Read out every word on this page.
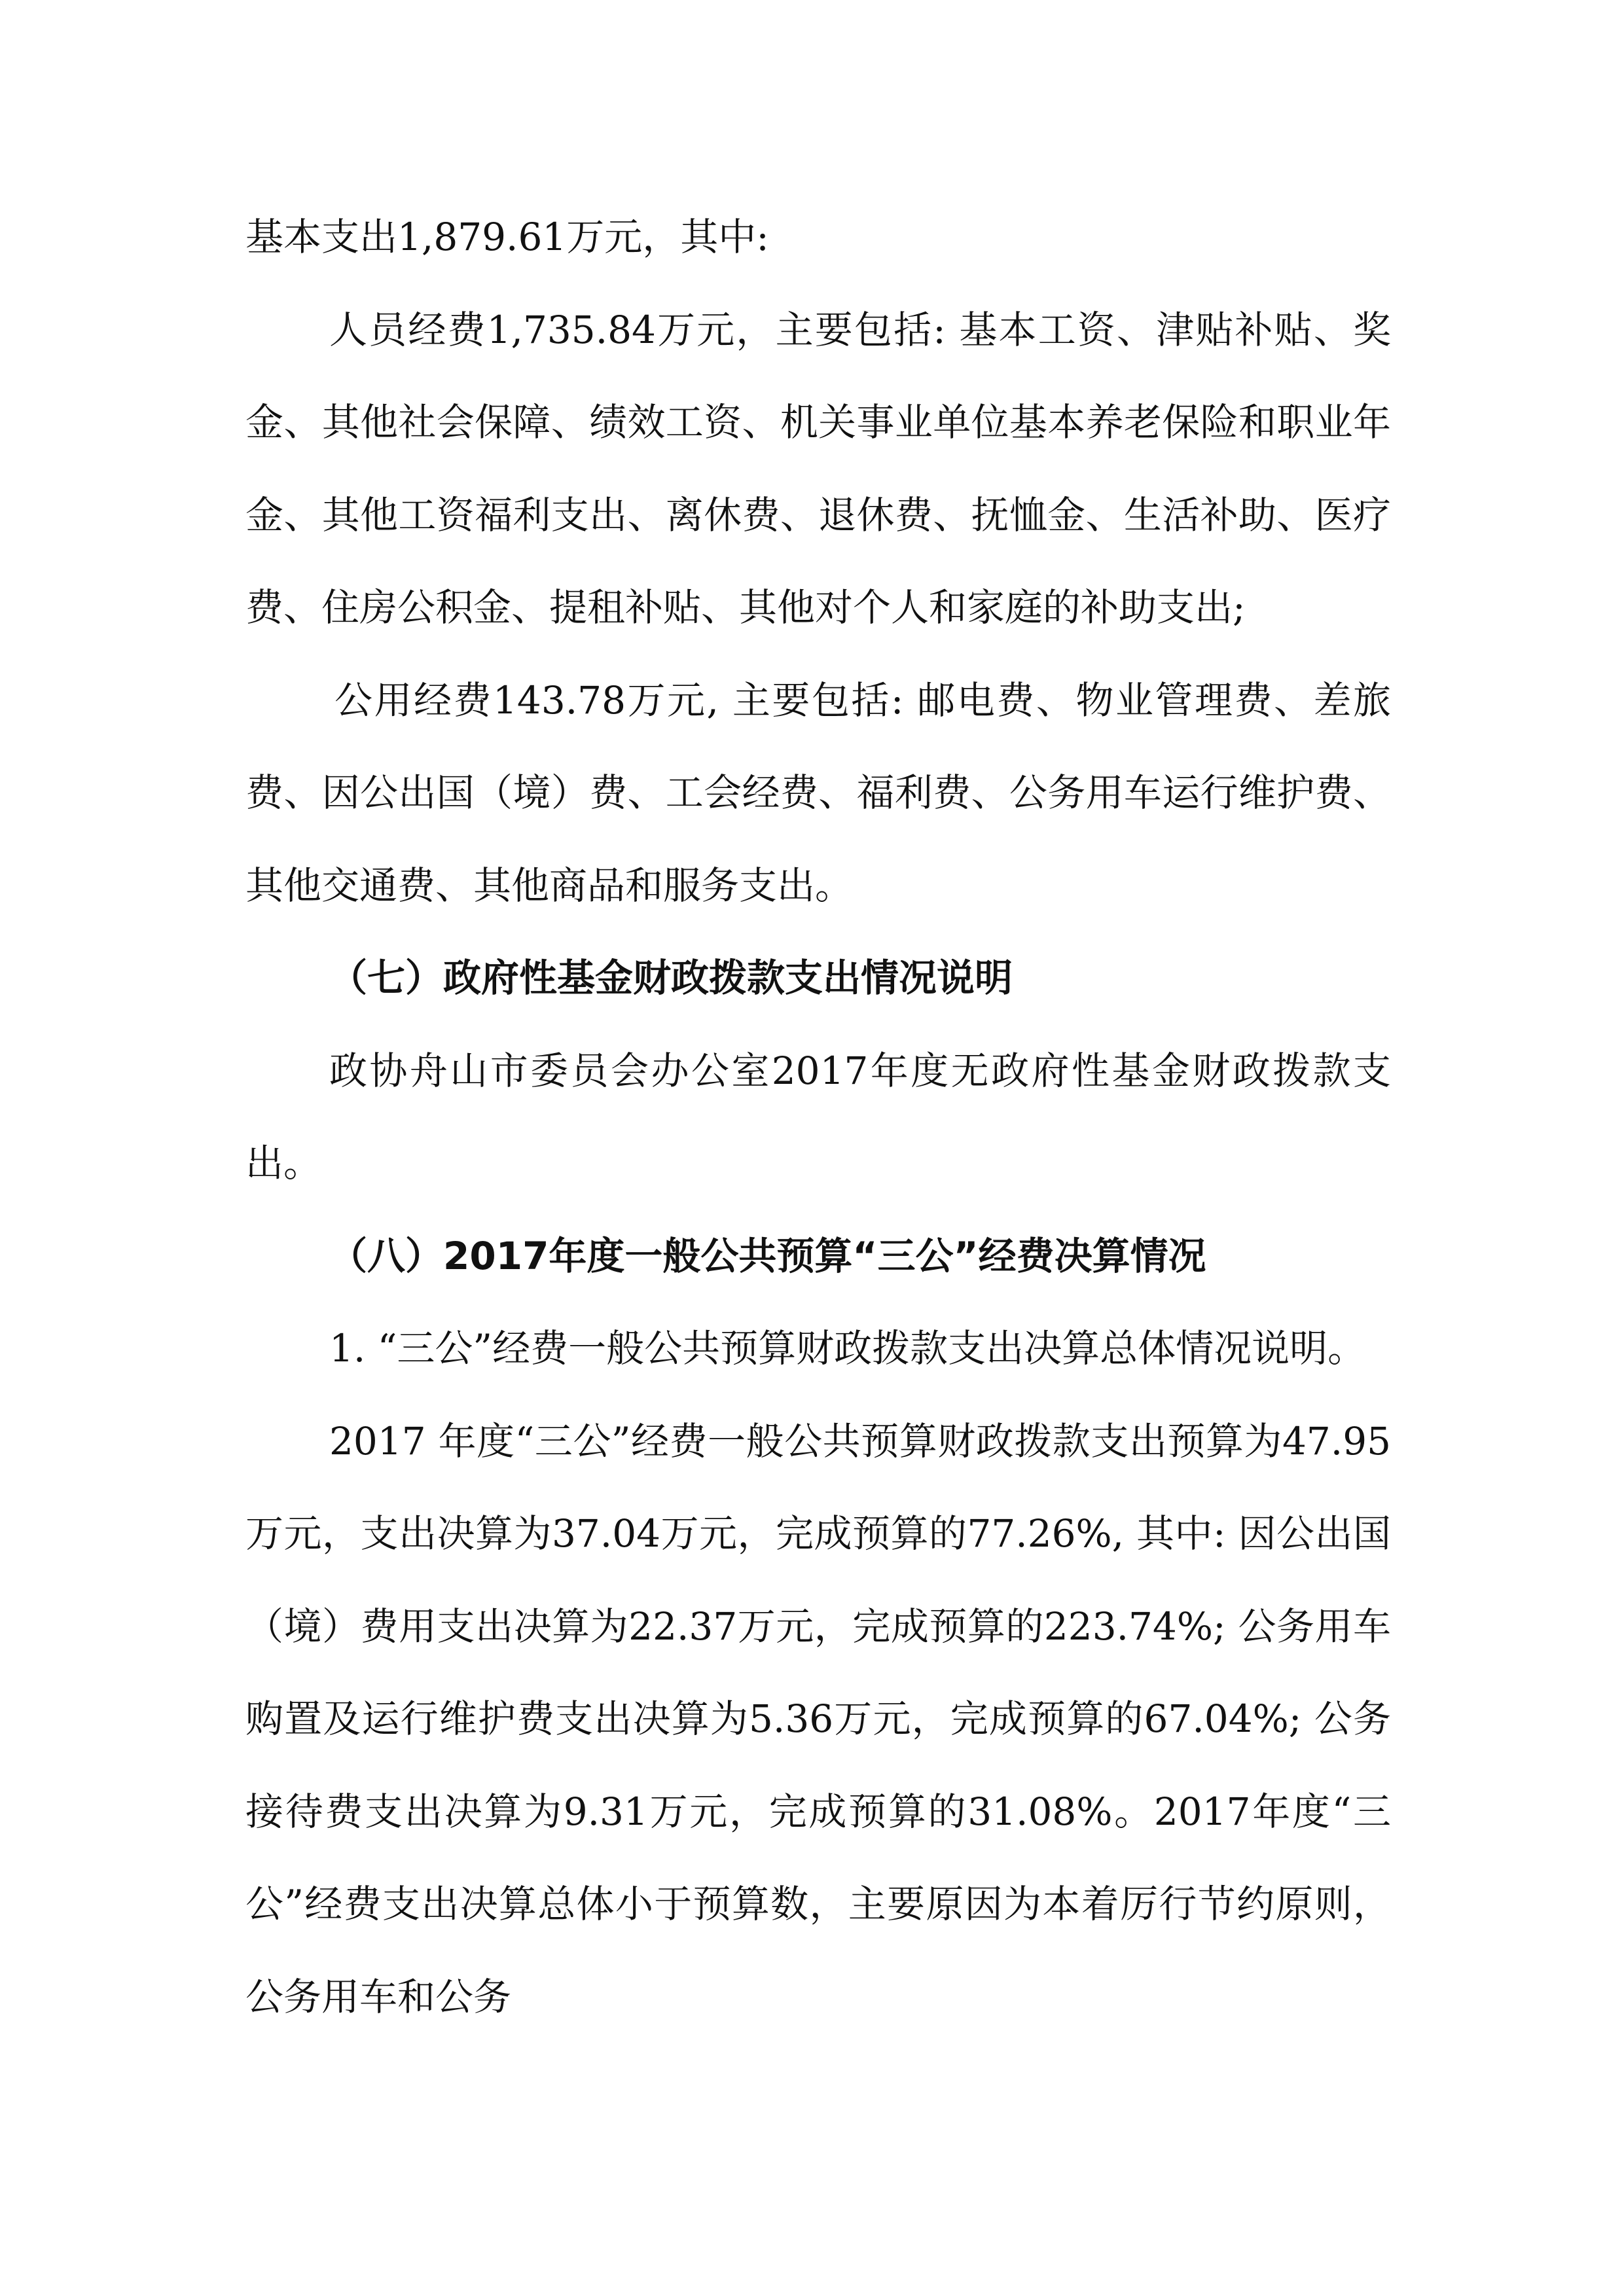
基本支出1,879.61万元，其中:

人员经费1,735.84万元，主要包括: 基本工资、津贴补贴、奖金、其他社会保障、绩效工资、机关事业单位基本养老保险和职业年金、其他工资福利支出、离休费、退休费、抚恤金、生活补助、医疗费、住房公积金、提租补贴、其他对个人和家庭的补助支出;

公用经费143.78万元, 主要包括: 邮电费、物业管理费、差旅费、因公出国（境）费、工会经费、福利费、公务用车运行维护费、其他交通费、其他商品和服务支出。

（七）政府性基金财政拨款支出情况说明

政协舟山市委员会办公室2017年度无政府性基金财政拨款支出。

（八）2017年度一般公共预算“三公”经费决算情况

1. “三公”经费一般公共预算财政拨款支出决算总体情况说明。

2017 年度“三公”经费一般公共预算财政拨款支出预算为47.95万元，支出决算为37.04万元，完成预算的77.26%, 其中: 因公出国（境）费用支出决算为22.37万元，完成预算的223.74%; 公务用车购置及运行维护费支出决算为5.36万元，完成预算的67.04%; 公务接待费支出决算为9.31万元，完成预算的31.08%。2017年度“三公”经费支出决算总体小于预算数，主要原因为本着厉行节约原则，公务用车和公务
